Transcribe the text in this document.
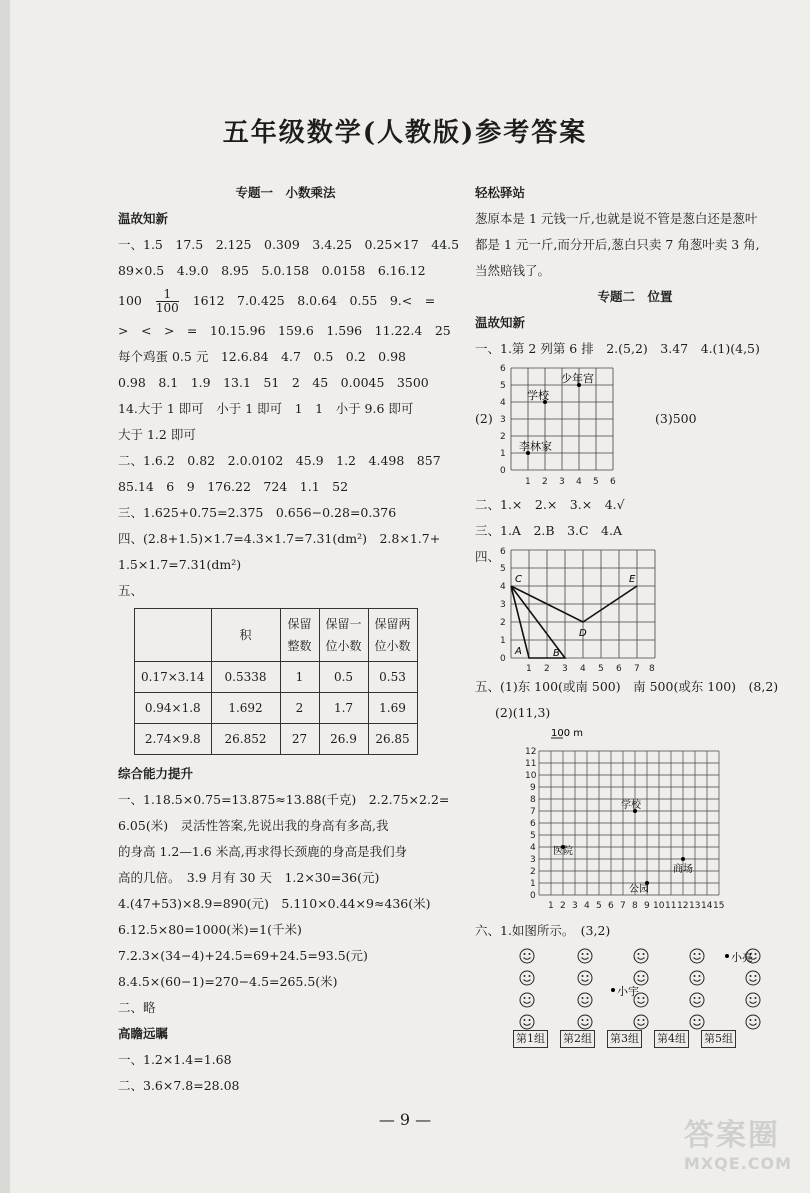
五年级数学(人教版)参考答案
专题一　小数乘法
温故知新
一、1.5　17.5　2.125　0.309　3.4.25　0.25×17　44.5
89×0.5　4.9.0　8.95　5.0.158　0.0158　6.16.12
$100 \frac{1}{100} 1612$　7.0.425　8.0.64　0.55　9.<　=
>　<　>　=　10.15.96　159.6　1.596　11.22.4　25
每个鸡蛋 0.5 元　12.6.84　4.7　0.5　0.2　0.98
0.98　8.1　1.9　13.1　51　2　45　0.0045　3500
14.大于 1 即可　小于 1 即可　1　1　小于 9.6 即可
大于 1.2 即可
二、1.6.2　0.82　2.0.0102　45.9　1.2　4.498　857
85.14　6　9　176.22　724　1.1　52
三、1.625+0.75=2.375　0.656−0.28=0.376
四、(2.8+1.5)×1.7=4.3×1.7=7.31(dm²)　2.8×1.7+
1.5×1.7=7.31(dm²)
五、
	积	保留整数	保留一位小数	保留两位小数
0.17×3.14	0.5338	1	0.5	0.53
0.94×1.8	1.692	2	1.7	1.69
2.74×9.8	26.852	27	26.9	26.85
综合能力提升
一、1.18.5×0.75=13.875≈13.88(千克)　2.2.75×2.2=
6.05(米)　灵活性答案,先说出我的身高有多高,我
的身高 1.2—1.6 米高,再求得长颈鹿的身高是我们身
高的几倍。　3.9 月有 30 天　1.2×30=36(元)
4.(47+53)×8.9=890(元)　5.110×0.44×9≈436(米)
6.12.5×80=1000(米)=1(千米)
7.2.3×(34−4)+24.5=69+24.5=93.5(元)
8.4.5×(60−1)=270−4.5=265.5(米)
二、略
高瞻远瞩
一、1.2×1.4=1.68
二、3.6×7.8=28.08
轻松驿站
葱原本是 1 元钱一斤,也就是说不管是葱白还是葱叶
都是 1 元一斤,而分开后,葱白只卖 7 角葱叶卖 3 角,
当然赔钱了。
专题二　位置
温故知新
一、1.第 2 列第 6 排　2.(5,2)　3.47　4.(1)(4,5)
(2)	(3)500
0
1
2
3
4
5
6
1 2 3 4 5 6
少年宫
学校
李林家
二、1.×　2.×　3.×　4.√
三、1.A　2.B　3.C　4.A
四、
0
1
2
3
4
5
6
1 2 3 4 5 6 7 8
A	B
C
D
E
五、(1)东 100(或南 500)　南 500(或东 100)　(8,2)
(2)(11,3)
100 m
0
1
2
3
4
5
6
7
8
9
10
11
12
1 2 3 4 5 6 7 8 9 10 11 12 13 14 15
学校
医院
公园
商场
六、1.如图所示。　(3,2)
小宇
小亮
第1组 第2组 第3组 第4组 第5组
— 9 —	答案圈
MXQE.COM
